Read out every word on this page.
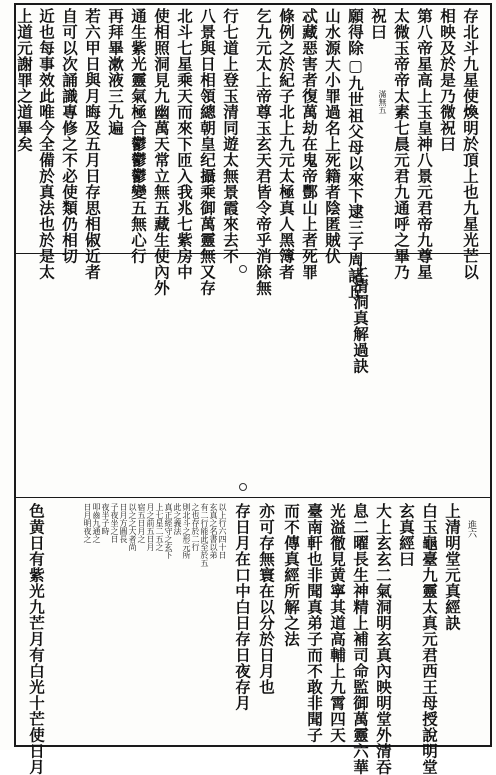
存北斗九星使煥明於頂上也九星光芒以
相映及於是乃微祝曰
第八帝星高上玉皇神八景元君帝九尊星
太微玉帝帝太素七晨元君九通呼之畢乃
祝曰
滿無五
願得除▢九世祖父母以來下逮三子周諸丘
山水源大小罪過名上死籍者陰匿賊伏
忒藏惡害者復萬劫在鬼帝酆山上者死罪
條例之於紀子北上九元太極真人黑簿者
乞九元太上帝尊玉玄天君皆令帝乎消除無
行七道上登玉清同遊太無景霞來去不
八景與日相領總朝皇纪攝乘御萬靈無又存
北斗七星乘天而來下匝入我兆七紫房中
使相照洞見九幽萬天常立無五藏生使內外
通生紫光靈氣極合鬱鬱鬱變五無心行
再拜畢漱液三九遍
若六甲日與月晦及五月日存思相俶近者
自可以次誦識專修之不必使類仍相切
近也每事效此唯今全備於真法也於是太
上道元謝罪之道畢矣
上清洞真解過訣
進六
上清明堂元真經訣
白玉龜臺九靈太真元君西王母授說明堂
玄真經曰
大上玄玄二氣洞明玄真內映明堂外清吞
息二曜長生神精上補司命監御萬靈六華
光溢徹見黄寧其道高輔上九霄四天
臺南軒也非聞真弟子而不敢非聞子
而不傳真經所解之法
亦可存無寰在以分於日月也
存日月在口中白日存日夜存月
以上行六四十日
玄真之名書以弟
有二行能此至於五
之也存於二行
則北斗之形元所
此之義法
真正經守之玄下
上七星二五之
月之前五日月
宿五日月之
以之之大者尚
日月方圓長
子夜坐之日
夜半子時
叩齒九通之
日月明夜之
色黄日有紫光九芒月有白光十芒使日月
